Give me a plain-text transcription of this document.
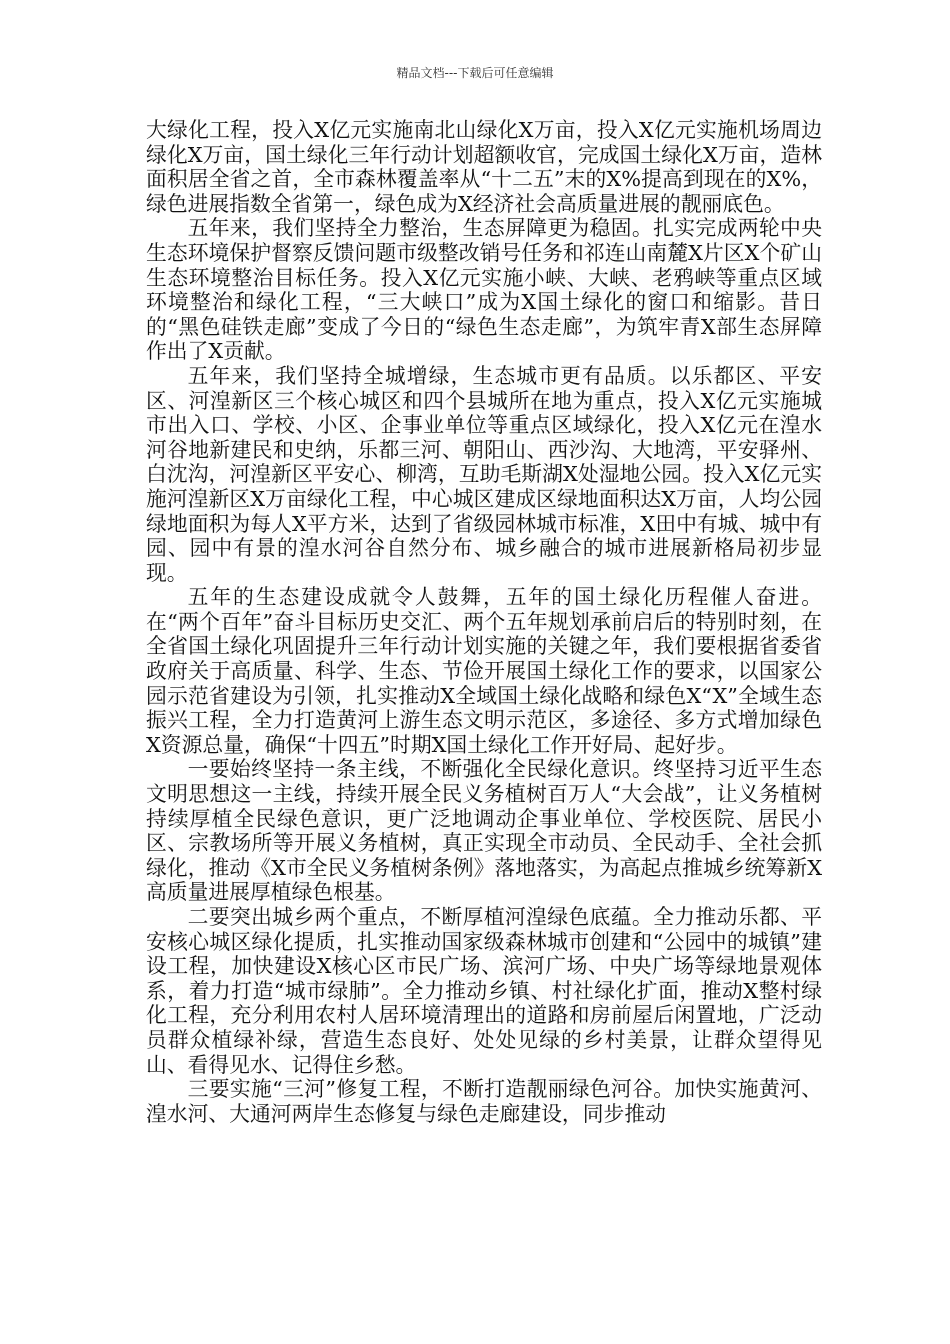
精品文档---下载后可任意编辑

大绿化工程，投入X亿元实施南北山绿化X万亩，投入X亿元实施机场周边绿化X万亩，国土绿化三年行动计划超额收官，完成国土绿化X万亩，造林面积居全省之首，全市森林覆盖率从“十二五”末的X%提高到现在的X%，绿色进展指数全省第一，绿色成为X经济社会高质量进展的靓丽底色。

五年来，我们坚持全力整治，生态屏障更为稳固。扎实完成两轮中央生态环境保护督察反馈问题市级整改销号任务和祁连山南麓X片区X个矿山生态环境整治目标任务。投入X亿元实施小峡、大峡、老鸦峡等重点区域环境整治和绿化工程，“三大峡口”成为X国土绿化的窗口和缩影。昔日的“黑色硅铁走廊”变成了今日的“绿色生态走廊”，为筑牢青X部生态屏障作出了X贡献。

五年来，我们坚持全城增绿，生态城市更有品质。以乐都区、平安区、河湟新区三个核心城区和四个县城所在地为重点，投入X亿元实施城市出入口、学校、小区、企事业单位等重点区域绿化，投入X亿元在湟水河谷地新建民和史纳，乐都三河、朝阳山、西沙沟、大地湾，平安驿州、白沈沟，河湟新区平安心、柳湾，互助毛斯湖X处湿地公园。投入X亿元实施河湟新区X万亩绿化工程，中心城区建成区绿地面积达X万亩，人均公园绿地面积为每人X平方米，达到了省级园林城市标准，X田中有城、城中有园、园中有景的湟水河谷自然分布、城乡融合的城市进展新格局初步显现。

五年的生态建设成就令人鼓舞，五年的国土绿化历程催人奋进。在“两个百年”奋斗目标历史交汇、两个五年规划承前启后的特别时刻，在全省国土绿化巩固提升三年行动计划实施的关键之年，我们要根据省委省政府关于高质量、科学、生态、节俭开展国土绿化工作的要求，以国家公园示范省建设为引领，扎实推动X全域国土绿化战略和绿色X“X”全域生态振兴工程，全力打造黄河上游生态文明示范区，多途径、多方式增加绿色X资源总量，确保“十四五”时期X国土绿化工作开好局、起好步。

一要始终坚持一条主线，不断强化全民绿化意识。终坚持习近平生态文明思想这一主线，持续开展全民义务植树百万人“大会战”，让义务植树持续厚植全民绿色意识，更广泛地调动企事业单位、学校医院、居民小区、宗教场所等开展义务植树，真正实现全市动员、全民动手、全社会抓绿化，推动《X市全民义务植树条例》落地落实，为高起点推城乡统筹新X高质量进展厚植绿色根基。

二要突出城乡两个重点，不断厚植河湟绿色底蕴。全力推动乐都、平安核心城区绿化提质，扎实推动国家级森林城市创建和“公园中的城镇”建设工程，加快建设X核心区市民广场、滨河广场、中央广场等绿地景观体系，着力打造“城市绿肺”。全力推动乡镇、村社绿化扩面，推动X整村绿化工程，充分利用农村人居环境清理出的道路和房前屋后闲置地，广泛动员群众植绿补绿，营造生态良好、处处见绿的乡村美景，让群众望得见山、看得见水、记得住乡愁。

三要实施“三河”修复工程，不断打造靓丽绿色河谷。加快实施黄河、湟水河、大通河两岸生态修复与绿色走廊建设，同步推动
